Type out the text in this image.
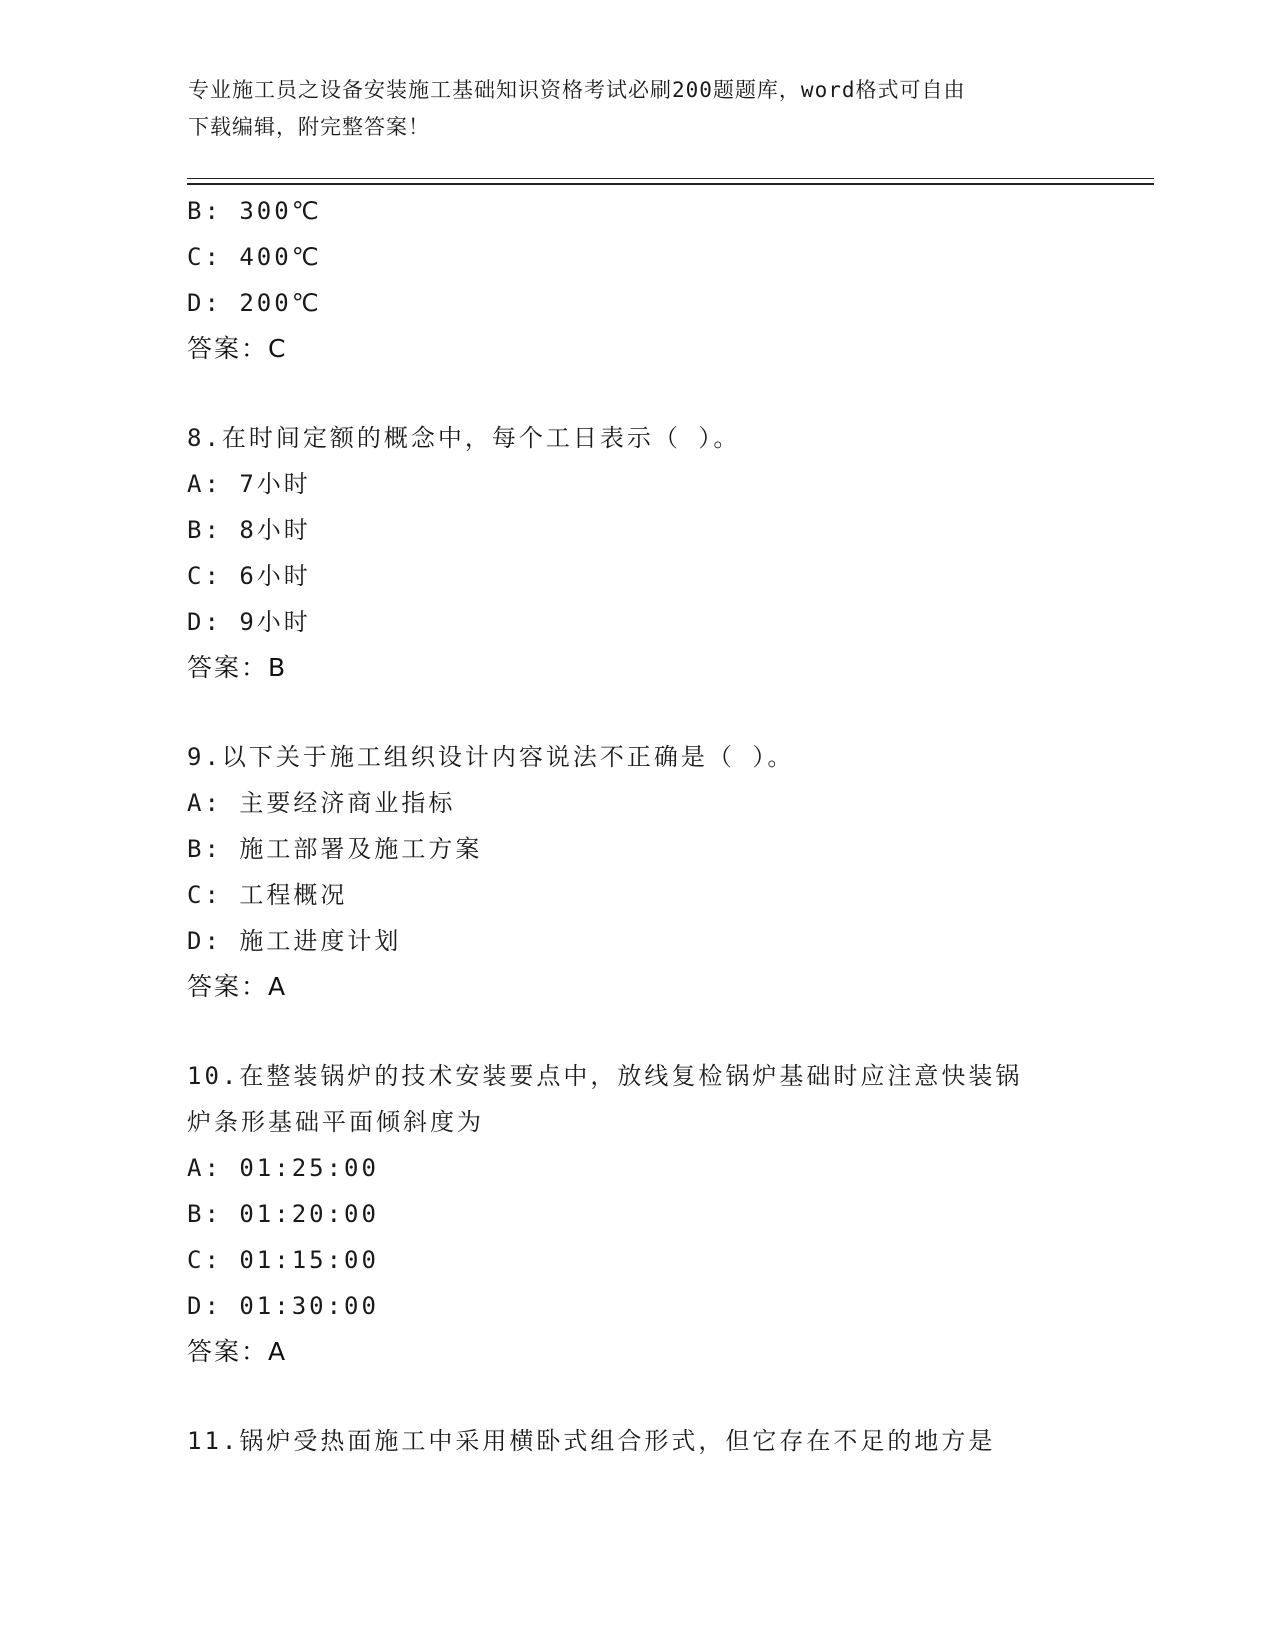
专业施工员之设备安装施工基础知识资格考试必刷200题题库，word格式可自由
下载编辑，附完整答案！
B: 300℃
C: 400℃
D: 200℃
答案：C
8.在时间定额的概念中，每个工日表示（ ）。
A: 7小时
B: 8小时
C: 6小时
D: 9小时
答案：B
9.以下关于施工组织设计内容说法不正确是（ ）。
A: 主要经济商业指标
B: 施工部署及施工方案
C: 工程概况
D: 施工进度计划
答案：A
10.在整装锅炉的技术安装要点中，放线复检锅炉基础时应注意快装锅
炉条形基础平面倾斜度为
A: 01:25:00
B: 01:20:00
C: 01:15:00
D: 01:30:00
答案：A
11.锅炉受热面施工中采用横卧式组合形式，但它存在不足的地方是
